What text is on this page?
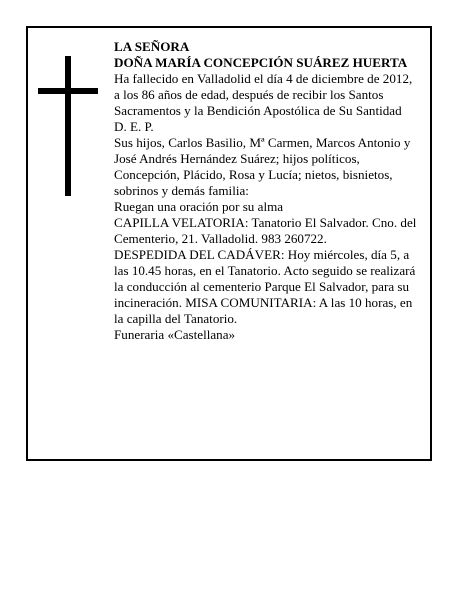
LA SEÑORA

DOÑA MARÍA CONCEPCIÓN SUÁREZ HUERTA

Ha fallecido en Valladolid el día 4 de diciembre de 2012, a los 86 años de edad, después de recibir los Santos Sacramentos y la Bendición Apostólica de Su Santidad

D. E. P.

Sus hijos, Carlos Basilio, Mª Carmen, Marcos Antonio y José Andrés Hernández Suárez; hijos políticos, Concepción, Plácido, Rosa y Lucía; nietos, bisnietos, sobrinos y demás familia:

Ruegan una oración por su alma

CAPILLA VELATORIA: Tanatorio El Salvador. Cno. del Cementerio, 21. Valladolid. 983 260722.

DESPEDIDA DEL CADÁVER: Hoy miércoles, día 5, a las 10.45 horas, en el Tanatorio. Acto seguido se realizará la conducción al cementerio Parque El Salvador, para su incineración. MISA COMUNITARIA: A las 10 horas, en la capilla del Tanatorio.

Funeraria «Castellana»
